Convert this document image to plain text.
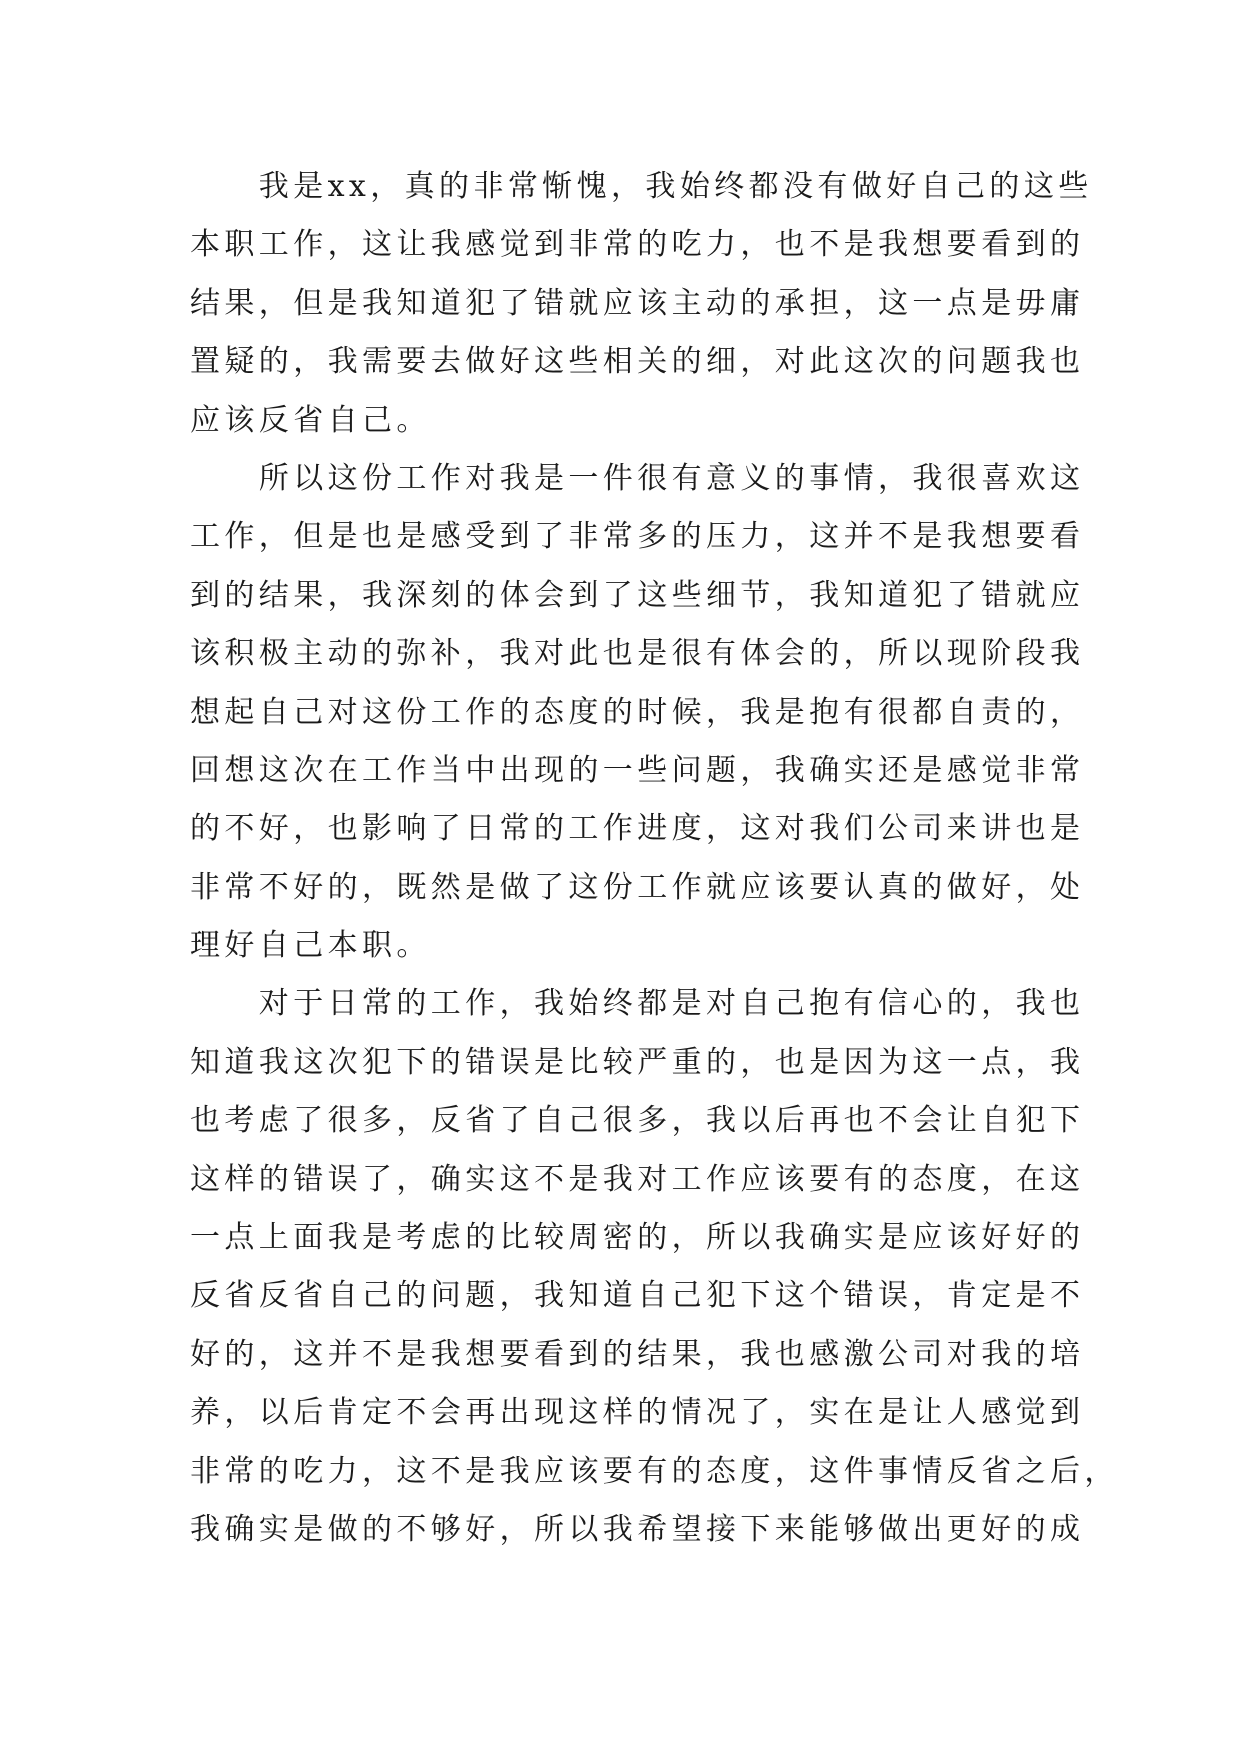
　　我是xx，真的非常惭愧，我始终都没有做好自己的这些
本职工作，这让我感觉到非常的吃力，也不是我想要看到的
结果，但是我知道犯了错就应该主动的承担，这一点是毋庸
置疑的，我需要去做好这些相关的细，对此这次的问题我也
应该反省自己。

　　所以这份工作对我是一件很有意义的事情，我很喜欢这
工作，但是也是感受到了非常多的压力，这并不是我想要看
到的结果，我深刻的体会到了这些细节，我知道犯了错就应
该积极主动的弥补，我对此也是很有体会的，所以现阶段我
想起自己对这份工作的态度的时候，我是抱有很都自责的，
回想这次在工作当中出现的一些问题，我确实还是感觉非常
的不好，也影响了日常的工作进度，这对我们公司来讲也是
非常不好的，既然是做了这份工作就应该要认真的做好，处
理好自己本职。

　　对于日常的工作，我始终都是对自己抱有信心的，我也
知道我这次犯下的错误是比较严重的，也是因为这一点，我
也考虑了很多，反省了自己很多，我以后再也不会让自犯下
这样的错误了，确实这不是我对工作应该要有的态度，在这
一点上面我是考虑的比较周密的，所以我确实是应该好好的
反省反省自己的问题，我知道自己犯下这个错误，肯定是不
好的，这并不是我想要看到的结果，我也感激公司对我的培
养，以后肯定不会再出现这样的情况了，实在是让人感觉到
非常的吃力，这不是我应该要有的态度，这件事情反省之后，
我确实是做的不够好，所以我希望接下来能够做出更好的成
